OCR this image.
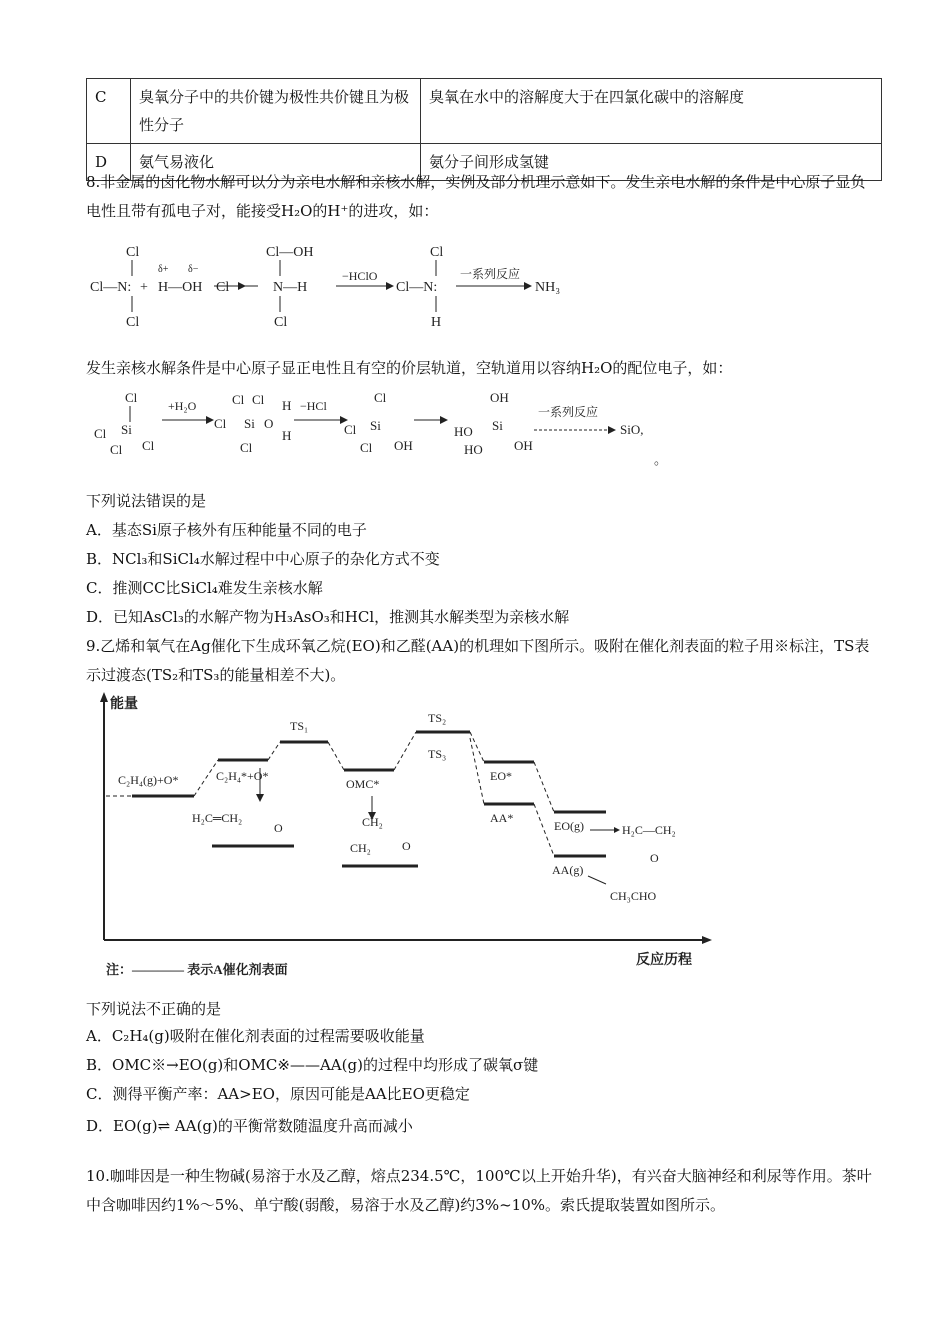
C	臭氧分子中的共价键为极性共价键且为极性分子	臭氧在水中的溶解度大于在四氯化碳中的溶解度
D	氨气易液化	氨分子间形成氢键
8.非金属的卤化物水解可以分为亲电水解和亲核水解，实例及部分机理示意如下。发生亲电水解的条件是中心原子显负电性且带有孤电子对，能接受H₂O的H⁺的进攻，如：
Cl
Cl—N: +
Cl
δ+ δ−
H—OH
Cl—OH
Cl	N—H
Cl
−HClO
Cl
Cl—N:
H
一系列反应
NH₃
发生亲核水解条件是中心原子显正电性且有空的价层轨道，空轨道用以容纳H₂O的配位电子，如：
Cl
Si
Cl
Cl Cl
+H₂O	Cl Cl
Si O
H
H
Cl
Cl
−HCl
Cl
Si
Cl
Cl OH
OH
Si
HO
HO OH
一系列反应
SiO,
。
下列说法错误的是
A．基态Si原子核外有压种能量不同的电子
B．NCl₃和SiCl₄水解过程中中心原子的杂化方式不变
C．推测CC比SiCl₄难发生亲核水解
D．已知AsCl₃的水解产物为H₃AsO₃和HCl，推测其水解类型为亲核水解
9.乙烯和氧气在Ag催化下生成环氧乙烷(EO)和乙醛(AA)的机理如下图所示。吸附在催化剂表面的粒子用※标注，TS表示过渡态(TS₂和TS₃的能量相差不大)。
能量
反应历程
注：———— 表示A催化剂表面
C₂H₄(g)+O*	C₂H₄*+O*
TS₁
OMC*
TS₂
TS₃
EO*
AA*
EO(g)
AA(g)
H₂C—CH₂
O
CH₃CHO
H₂C═CH₂
O	CH₂
CH₂	O
下列说法不正确的是
A．C₂H₄(g)吸附在催化剂表面的过程需要吸收能量
B．OMC※→EO(g)和OMC※——AA(g)的过程中均形成了碳氧σ键
C．测得平衡产率：AA>EO，原因可能是AA比EO更稳定
D．EO(g)⇌ AA(g)的平衡常数随温度升高而减小
10.咖啡因是一种生物碱(易溶于水及乙醇，熔点234.5℃，100℃以上开始升华)，有兴奋大脑神经和利尿等作用。茶叶中含咖啡因约1%～5%、单宁酸(弱酸，易溶于水及乙醇)约3%~10%。索氏提取装置如图所示。
